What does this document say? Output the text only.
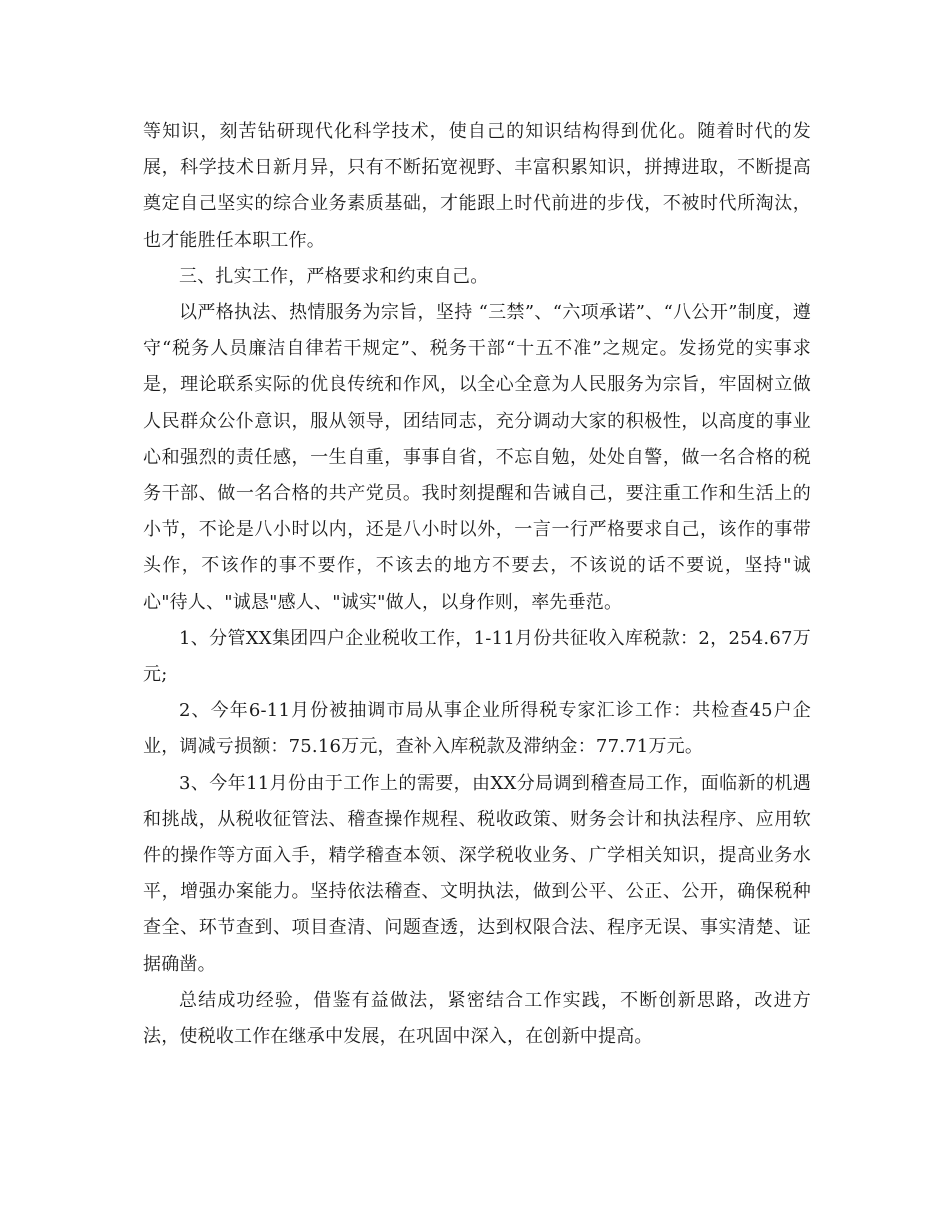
等知识，刻苦钻研现代化科学技术，使自己的知识结构得到优化。随着时代的发展，科学技术日新月异，只有不断拓宽视野、丰富积累知识，拼搏进取，不断提高奠定自己坚实的综合业务素质基础，才能跟上时代前进的步伐，不被时代所淘汰，也才能胜任本职工作。

三、扎实工作，严格要求和约束自己。

以严格执法、热情服务为宗旨，坚持 “三禁”、“六项承诺”、“八公开”制度，遵守“税务人员廉洁自律若干规定”、税务干部“十五不准”之规定。发扬党的实事求是，理论联系实际的优良传统和作风，以全心全意为人民服务为宗旨，牢固树立做人民群众公仆意识，服从领导，团结同志，充分调动大家的积极性，以高度的事业心和强烈的责任感，一生自重，事事自省，不忘自勉，处处自警，做一名合格的税务干部、做一名合格的共产党员。我时刻提醒和告诫自己，要注重工作和生活上的小节，不论是八小时以内，还是八小时以外，一言一行严格要求自己，该作的事带头作，不该作的事不要作，不该去的地方不要去，不该说的话不要说，坚持"诚心"待人、"诚恳"感人、"诚实"做人，以身作则，率先垂范。

1、分管XX集团四户企业税收工作，1-11月份共征收入库税款：2，254.67万元;

2、今年6-11月份被抽调市局从事企业所得税专家汇诊工作：共检查45户企业，调减亏损额：75.16万元，查补入库税款及滞纳金：77.71万元。

3、今年11月份由于工作上的需要，由XX分局调到稽查局工作，面临新的机遇和挑战，从税收征管法、稽查操作规程、税收政策、财务会计和执法程序、应用软件的操作等方面入手，精学稽查本领、深学税收业务、广学相关知识，提高业务水平，增强办案能力。坚持依法稽查、文明执法，做到公平、公正、公开，确保税种查全、环节查到、项目查清、问题查透，达到权限合法、程序无误、事实清楚、证据确凿。

总结成功经验，借鉴有益做法，紧密结合工作实践，不断创新思路，改进方法，使税收工作在继承中发展，在巩固中深入，在创新中提高。
